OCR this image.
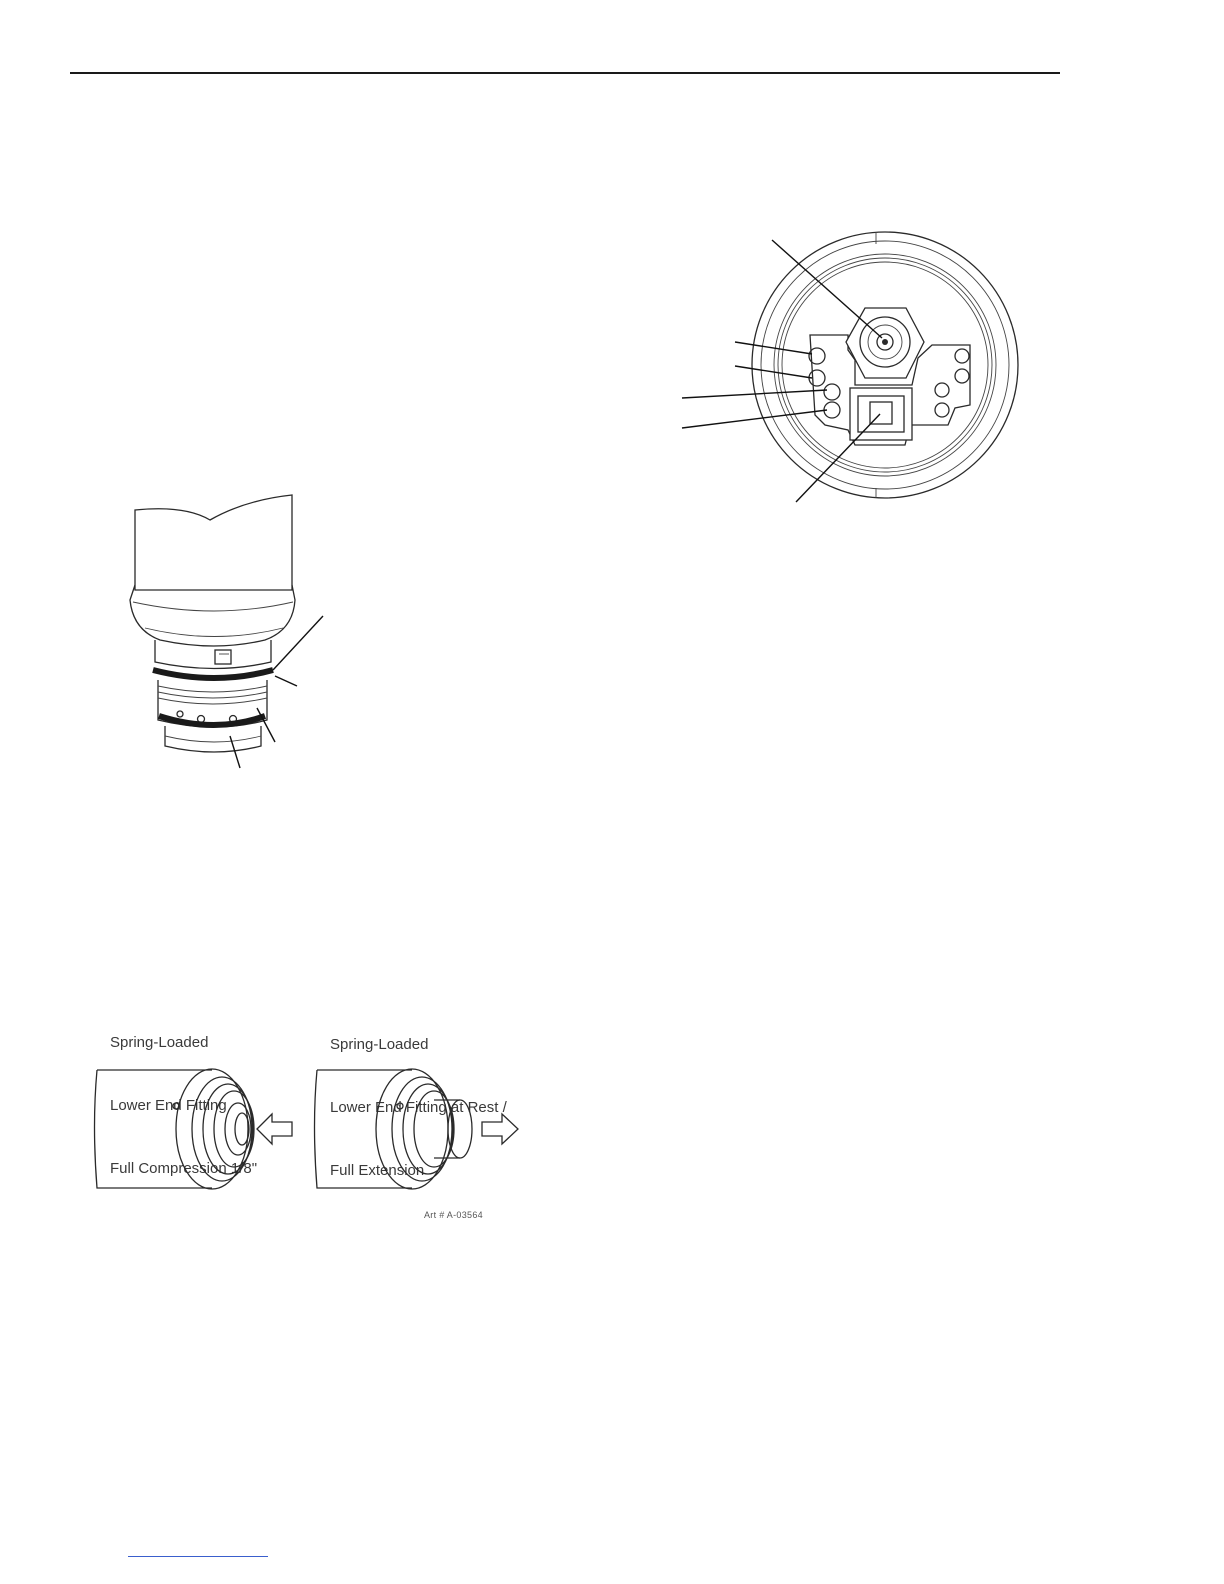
Spring-Loaded

Lower End Fitting

Full Compression 1/8"

Spring-Loaded

Lower End Fitting at Rest /

Full Extension

Art # A-03564
